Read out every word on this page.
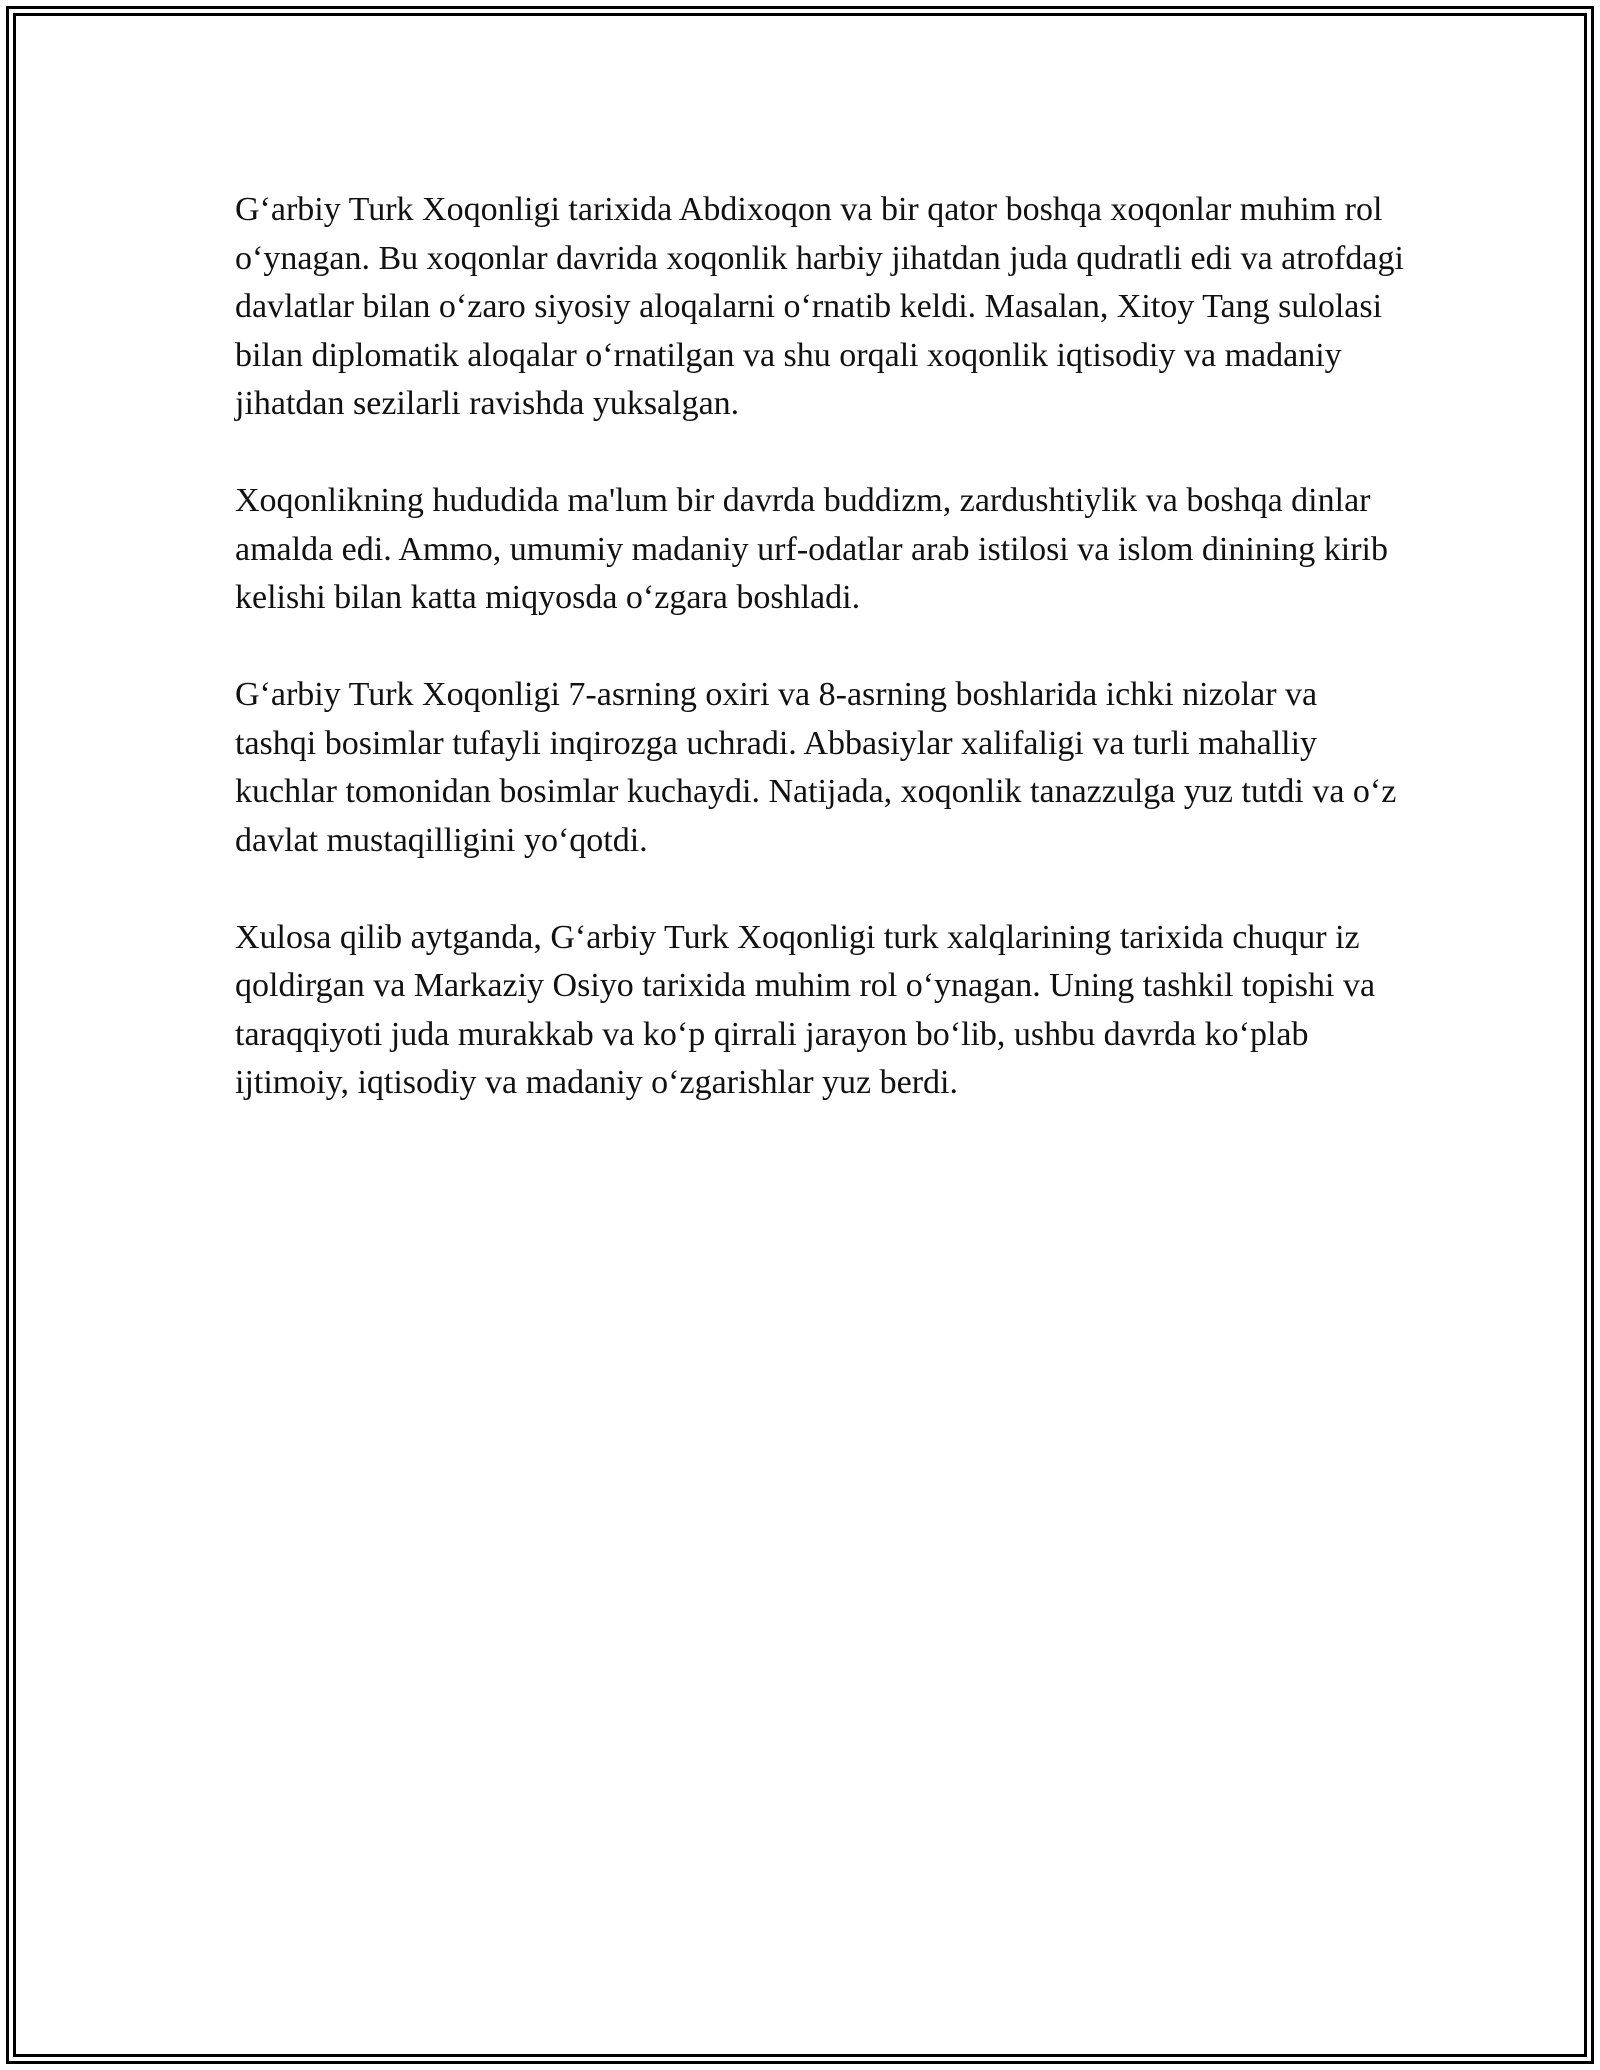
G‘arbiy Turk Xoqonligi tarixida Abdixoqon va bir qator boshqa xoqonlar muhim rol o‘ynagan. Bu xoqonlar davrida xoqonlik harbiy jihatdan juda qudratli edi va atrofdagi davlatlar bilan o‘zaro siyosiy aloqalarni o‘rnatib keldi. Masalan, Xitoy Tang sulolasi bilan diplomatik aloqalar o‘rnatilgan va shu orqali xoqonlik iqtisodiy va madaniy jihatdan sezilarli ravishda yuksalgan.

Xoqonlikning hududida ma'lum bir davrda buddizm, zardushtiylik va boshqa dinlar amalda edi. Ammo, umumiy madaniy urf-odatlar arab istilosi va islom dinining kirib kelishi bilan katta miqyosda o‘zgara boshladi.

G‘arbiy Turk Xoqonligi 7-asrning oxiri va 8-asrning boshlarida ichki nizolar va tashqi bosimlar tufayli inqirozga uchradi. Abbasiylar xalifaligi va turli mahalliy kuchlar tomonidan bosimlar kuchaydi. Natijada, xoqonlik tanazzulga yuz tutdi va o‘z davlat mustaqilligini yo‘qotdi.

Xulosa qilib aytganda, G‘arbiy Turk Xoqonligi turk xalqlarining tarixida chuqur iz qoldirgan va Markaziy Osiyo tarixida muhim rol o‘ynagan. Uning tashkil topishi va taraqqiyoti juda murakkab va ko‘p qirrali jarayon bo‘lib, ushbu davrda ko‘plab ijtimoiy, iqtisodiy va madaniy o‘zgarishlar yuz berdi.
